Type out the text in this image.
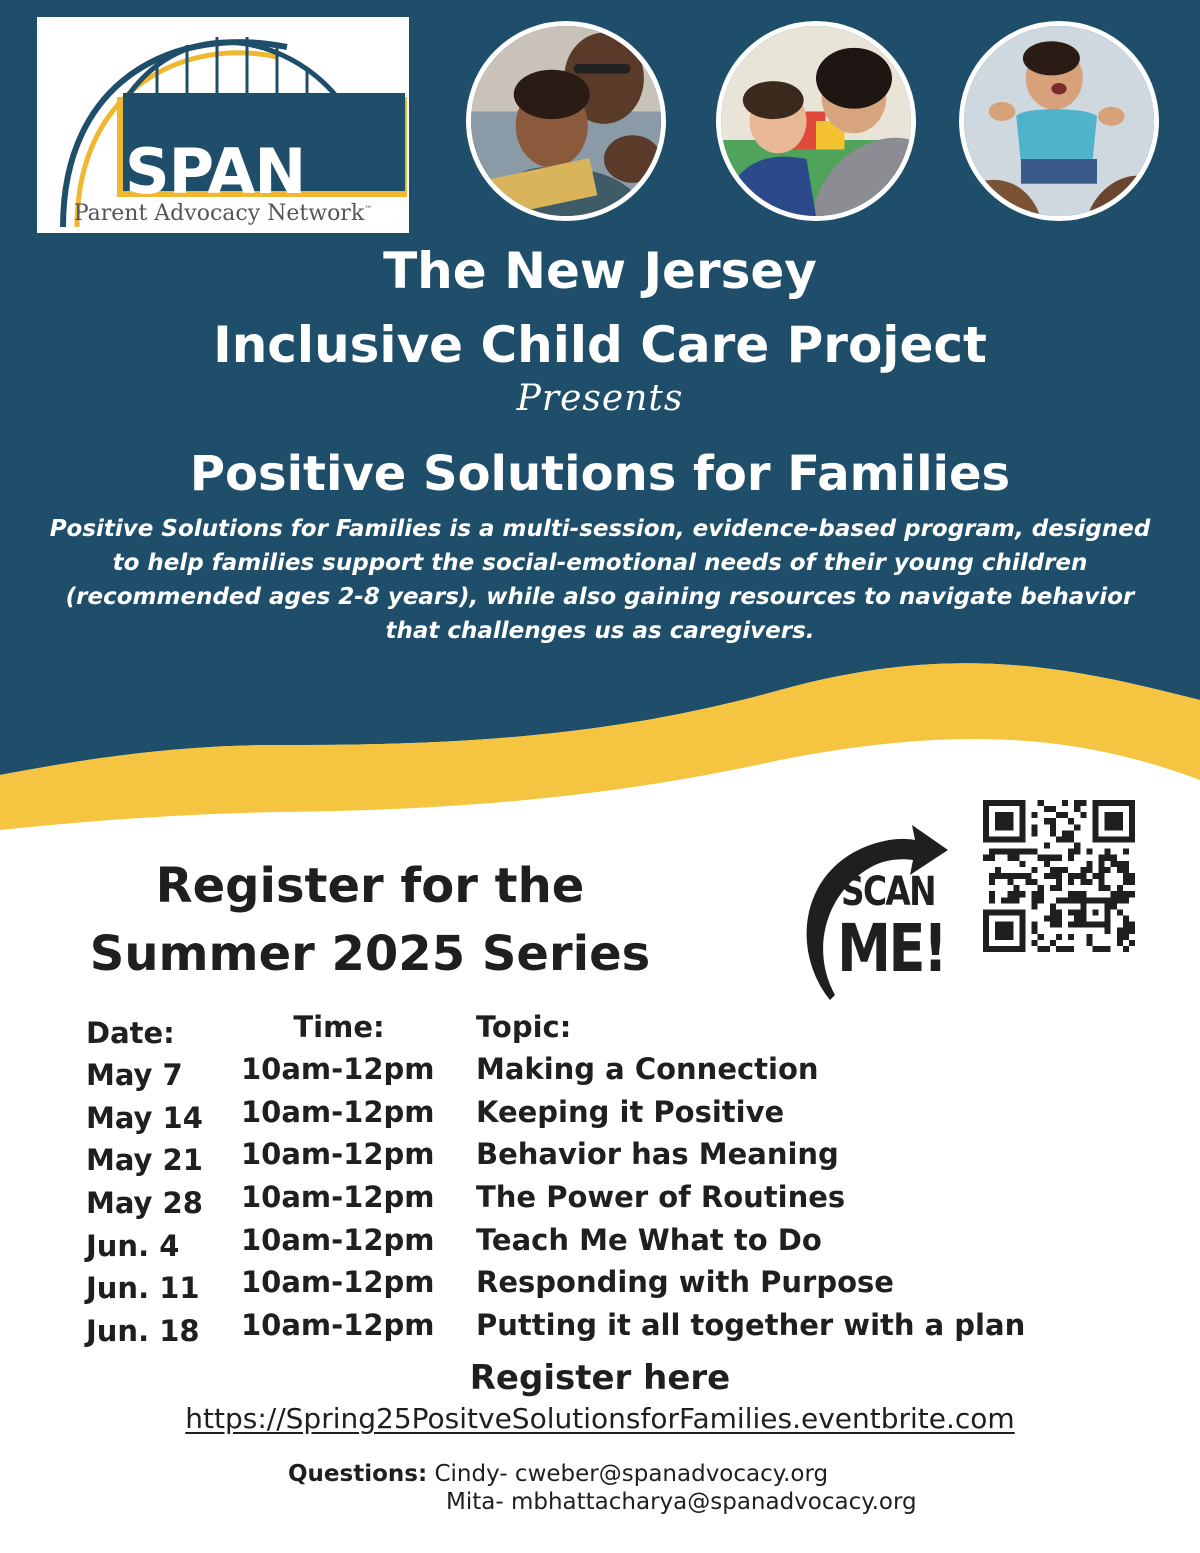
SPAN
Parent Advocacy Network™
The New Jersey
Inclusive Child Care Project
Presents
Positive Solutions for Families
Positive Solutions for Families is a multi-session, evidence-based program, designed to help families support the social-emotional needs of their young children (recommended ages 2-8 years), while also gaining resources to navigate behavior that challenges us as caregivers.
Register for the
Summer 2025 Series
SCAN
ME!
Date:
May 7
May 14
May 21
May 28
Jun. 4
Jun. 11
Jun. 18
Time:
10am-12pm
10am-12pm
10am-12pm
10am-12pm
10am-12pm
10am-12pm
10am-12pm
Topic:
Making a Connection
Keeping it Positive
Behavior has Meaning
The Power of Routines
Teach Me What to Do
Responding with Purpose
Putting it all together with a plan
Register here
https://Spring25PositveSolutionsforFamilies.eventbrite.com
Questions: Cindy- cweber@spanadvocacy.org
Mita- mbhattacharya@spanadvocacy.org
